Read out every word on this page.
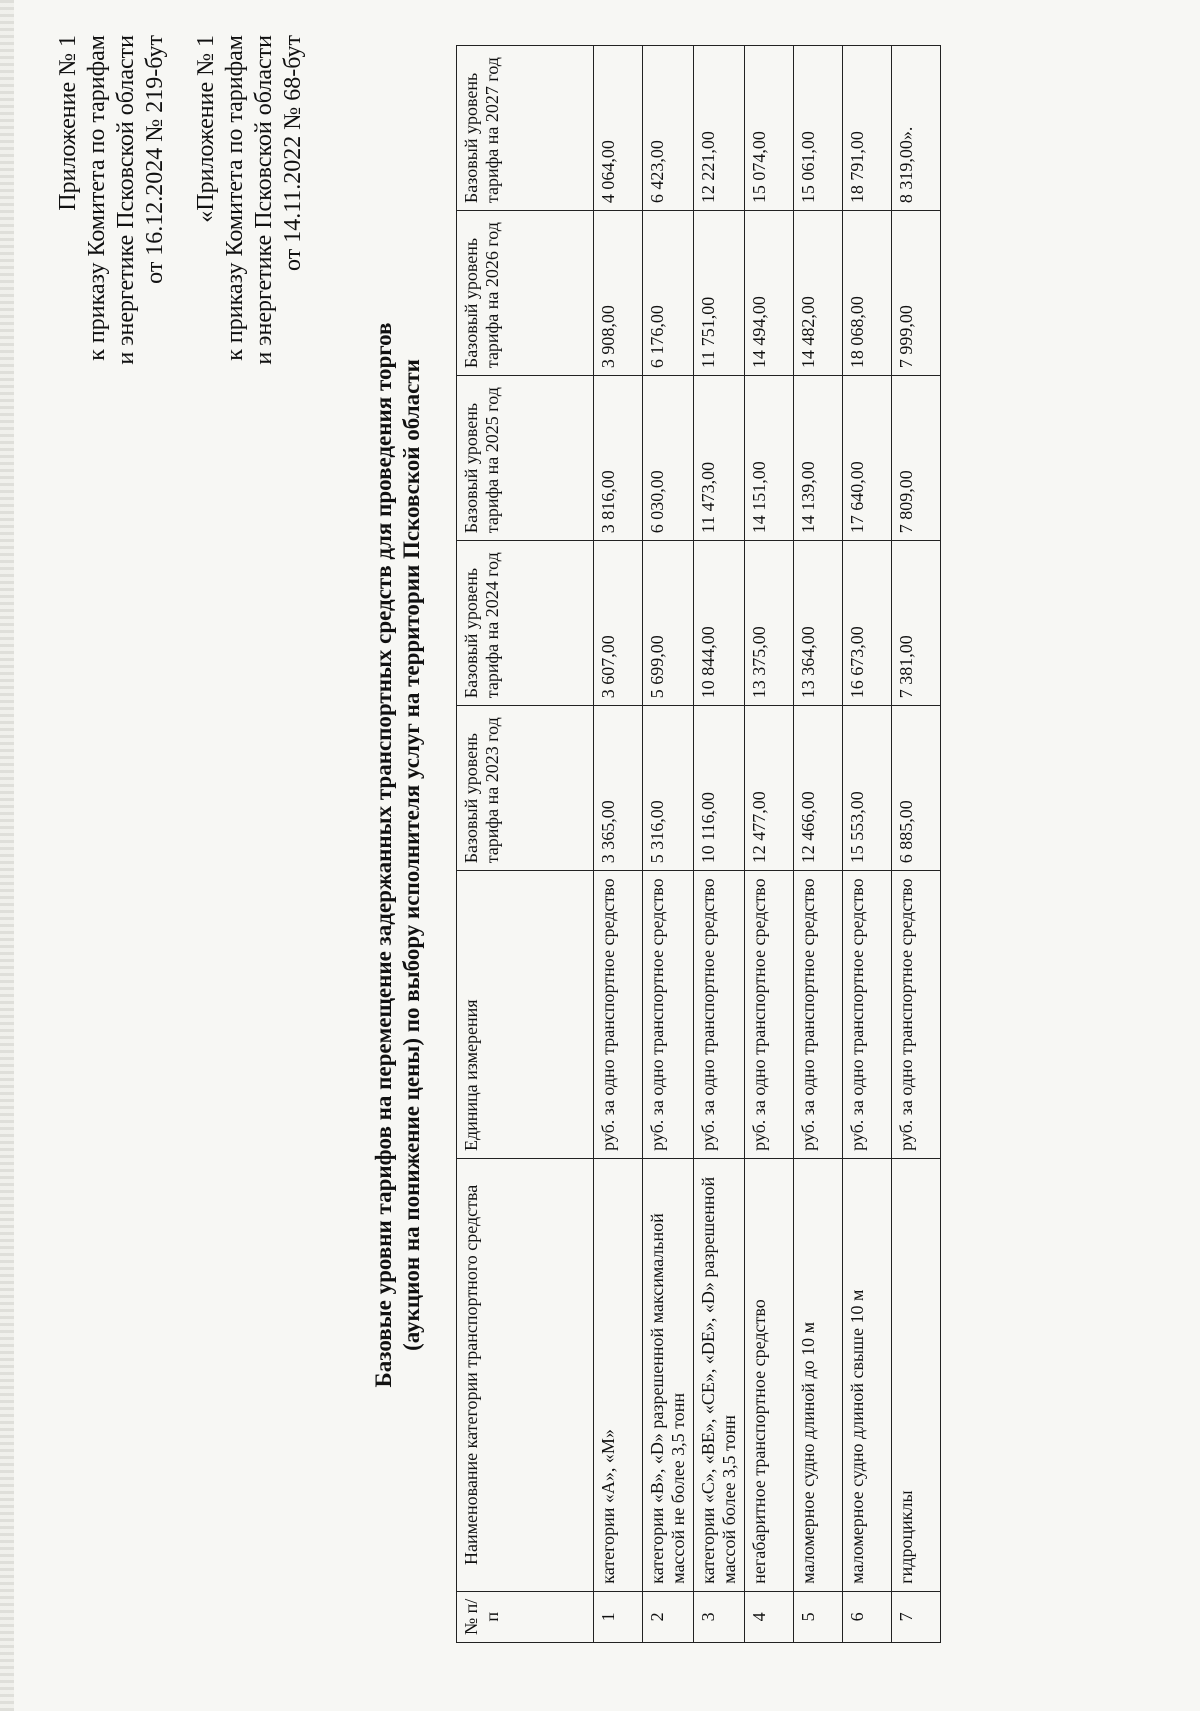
Приложение № 1 к приказу Комитета по тарифам и энергетике Псковской области от 16.12.2024 № 219-бут «Приложение № 1 к приказу Комитета по тарифам и энергетике Псковской области от 14.11.2022 № 68-бут
Базовые уровни тарифов на перемещение задержанных транспортных средств для проведения торгов (аукцион на понижение цены) по выбору исполнителя услуг на территории Псковской области
№ п/п	Наименование категории транспортного средства	Единица измерения	Базовый уровень тарифа на 2023 год	Базовый уровень тарифа на 2024 год	Базовый уровень тарифа на 2025 год	Базовый уровень тарифа на 2026 год	Базовый уровень тарифа на 2027 год
1	категории «А», «М»	руб. за одно транспортное средство	3 365,00	3 607,00	3 816,00	3 908,00	4 064,00
2	категории «В», «D» разрешенной максимальной массой не более 3,5 тонн	руб. за одно транспортное средство	5 316,00	5 699,00	6 030,00	6 176,00	6 423,00
3	категории «С», «ВЕ», «СЕ», «DE», «D» разрешенной массой более 3,5 тонн	руб. за одно транспортное средство	10 116,00	10 844,00	11 473,00	11 751,00	12 221,00
4	негабаритное транспортное средство	руб. за одно транспортное средство	12 477,00	13 375,00	14 151,00	14 494,00	15 074,00
5	маломерное судно длиной до 10 м	руб. за одно транспортное средство	12 466,00	13 364,00	14 139,00	14 482,00	15 061,00
6	маломерное судно длиной свыше 10 м	руб. за одно транспортное средство	15 553,00	16 673,00	17 640,00	18 068,00	18 791,00
7	гидроциклы	руб. за одно транспортное средство	6 885,00	7 381,00	7 809,00	7 999,00	8 319,00».
